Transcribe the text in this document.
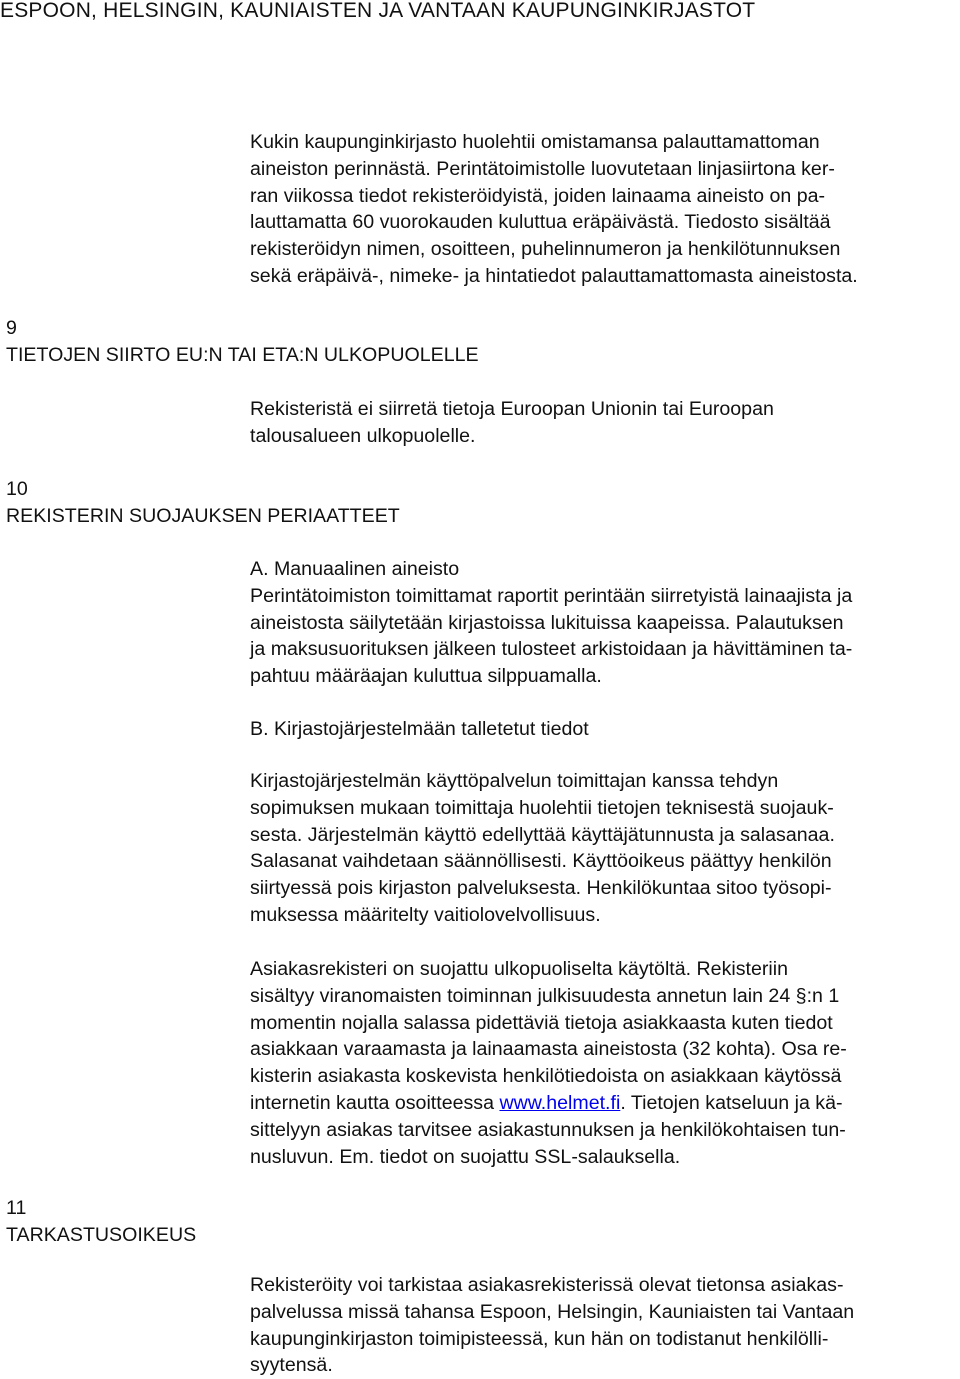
ESPOON, HELSINGIN, KAUNIAISTEN JA VANTAAN KAUPUNGINKIRJASTOT
Kukin kaupunginkirjasto huolehtii omistamansa palauttamattoman
aineiston perinnästä. Perintätoimistolle luovutetaan linjasiirtona ker-
ran viikossa tiedot rekisteröidyistä, joiden lainaama aineisto on pa-
lauttamatta 60 vuorokauden kuluttua eräpäivästä. Tiedosto sisältää
rekisteröidyn nimen, osoitteen, puhelinnumeron ja henkilötunnuksen
sekä eräpäivä-, nimeke- ja hintatiedot palauttamattomasta aineistosta.
9
TIETOJEN SIIRTO EU:N TAI ETA:N ULKOPUOLELLE
Rekisteristä ei siirretä tietoja Euroopan Unionin tai Euroopan
talousalueen ulkopuolelle.
10
REKISTERIN SUOJAUKSEN PERIAATTEET
A. Manuaalinen aineisto
Perintätoimiston toimittamat raportit perintään siirretyistä lainaajista ja
aineistosta säilytetään kirjastoissa lukituissa kaapeissa. Palautuksen
ja maksusuorituksen jälkeen tulosteet arkistoidaan ja hävittäminen ta-
pahtuu määräajan kuluttua silppuamalla.
B. Kirjastojärjestelmään talletetut tiedot
Kirjastojärjestelmän käyttöpalvelun toimittajan kanssa tehdyn
sopimuksen mukaan toimittaja huolehtii tietojen teknisestä suojauk-
sesta. Järjestelmän käyttö edellyttää käyttäjätunnusta ja salasanaa.
Salasanat vaihdetaan säännöllisesti. Käyttöoikeus päättyy henkilön
siirtyessä pois kirjaston palveluksesta. Henkilökuntaa sitoo työsopi-
muksessa määritelty vaitiolovelvollisuus.
Asiakasrekisteri on suojattu ulkopuoliselta käytöltä. Rekisteriin
sisältyy viranomaisten toiminnan julkisuudesta annetun lain 24 §:n 1
momentin nojalla salassa pidettäviä tietoja asiakkaasta kuten tiedot
asiakkaan varaamasta ja lainaamasta aineistosta (32 kohta). Osa re-
kisterin asiakasta koskevista henkilötiedoista on asiakkaan käytössä
internetin kautta osoitteessa www.helmet.fi. Tietojen katseluun ja kä-
sittelyyn asiakas tarvitsee asiakastunnuksen ja henkilökohtaisen tun-
nusluvun. Em. tiedot on suojattu SSL-salauksella.
11
TARKASTUSOIKEUS
Rekisteröity voi tarkistaa asiakasrekisterissä olevat tietonsa asiakas-
palvelussa missä tahansa Espoon, Helsingin, Kauniaisten tai Vantaan
kaupunginkirjaston toimipisteessä, kun hän on todistanut henkilölli-
syytensä.
